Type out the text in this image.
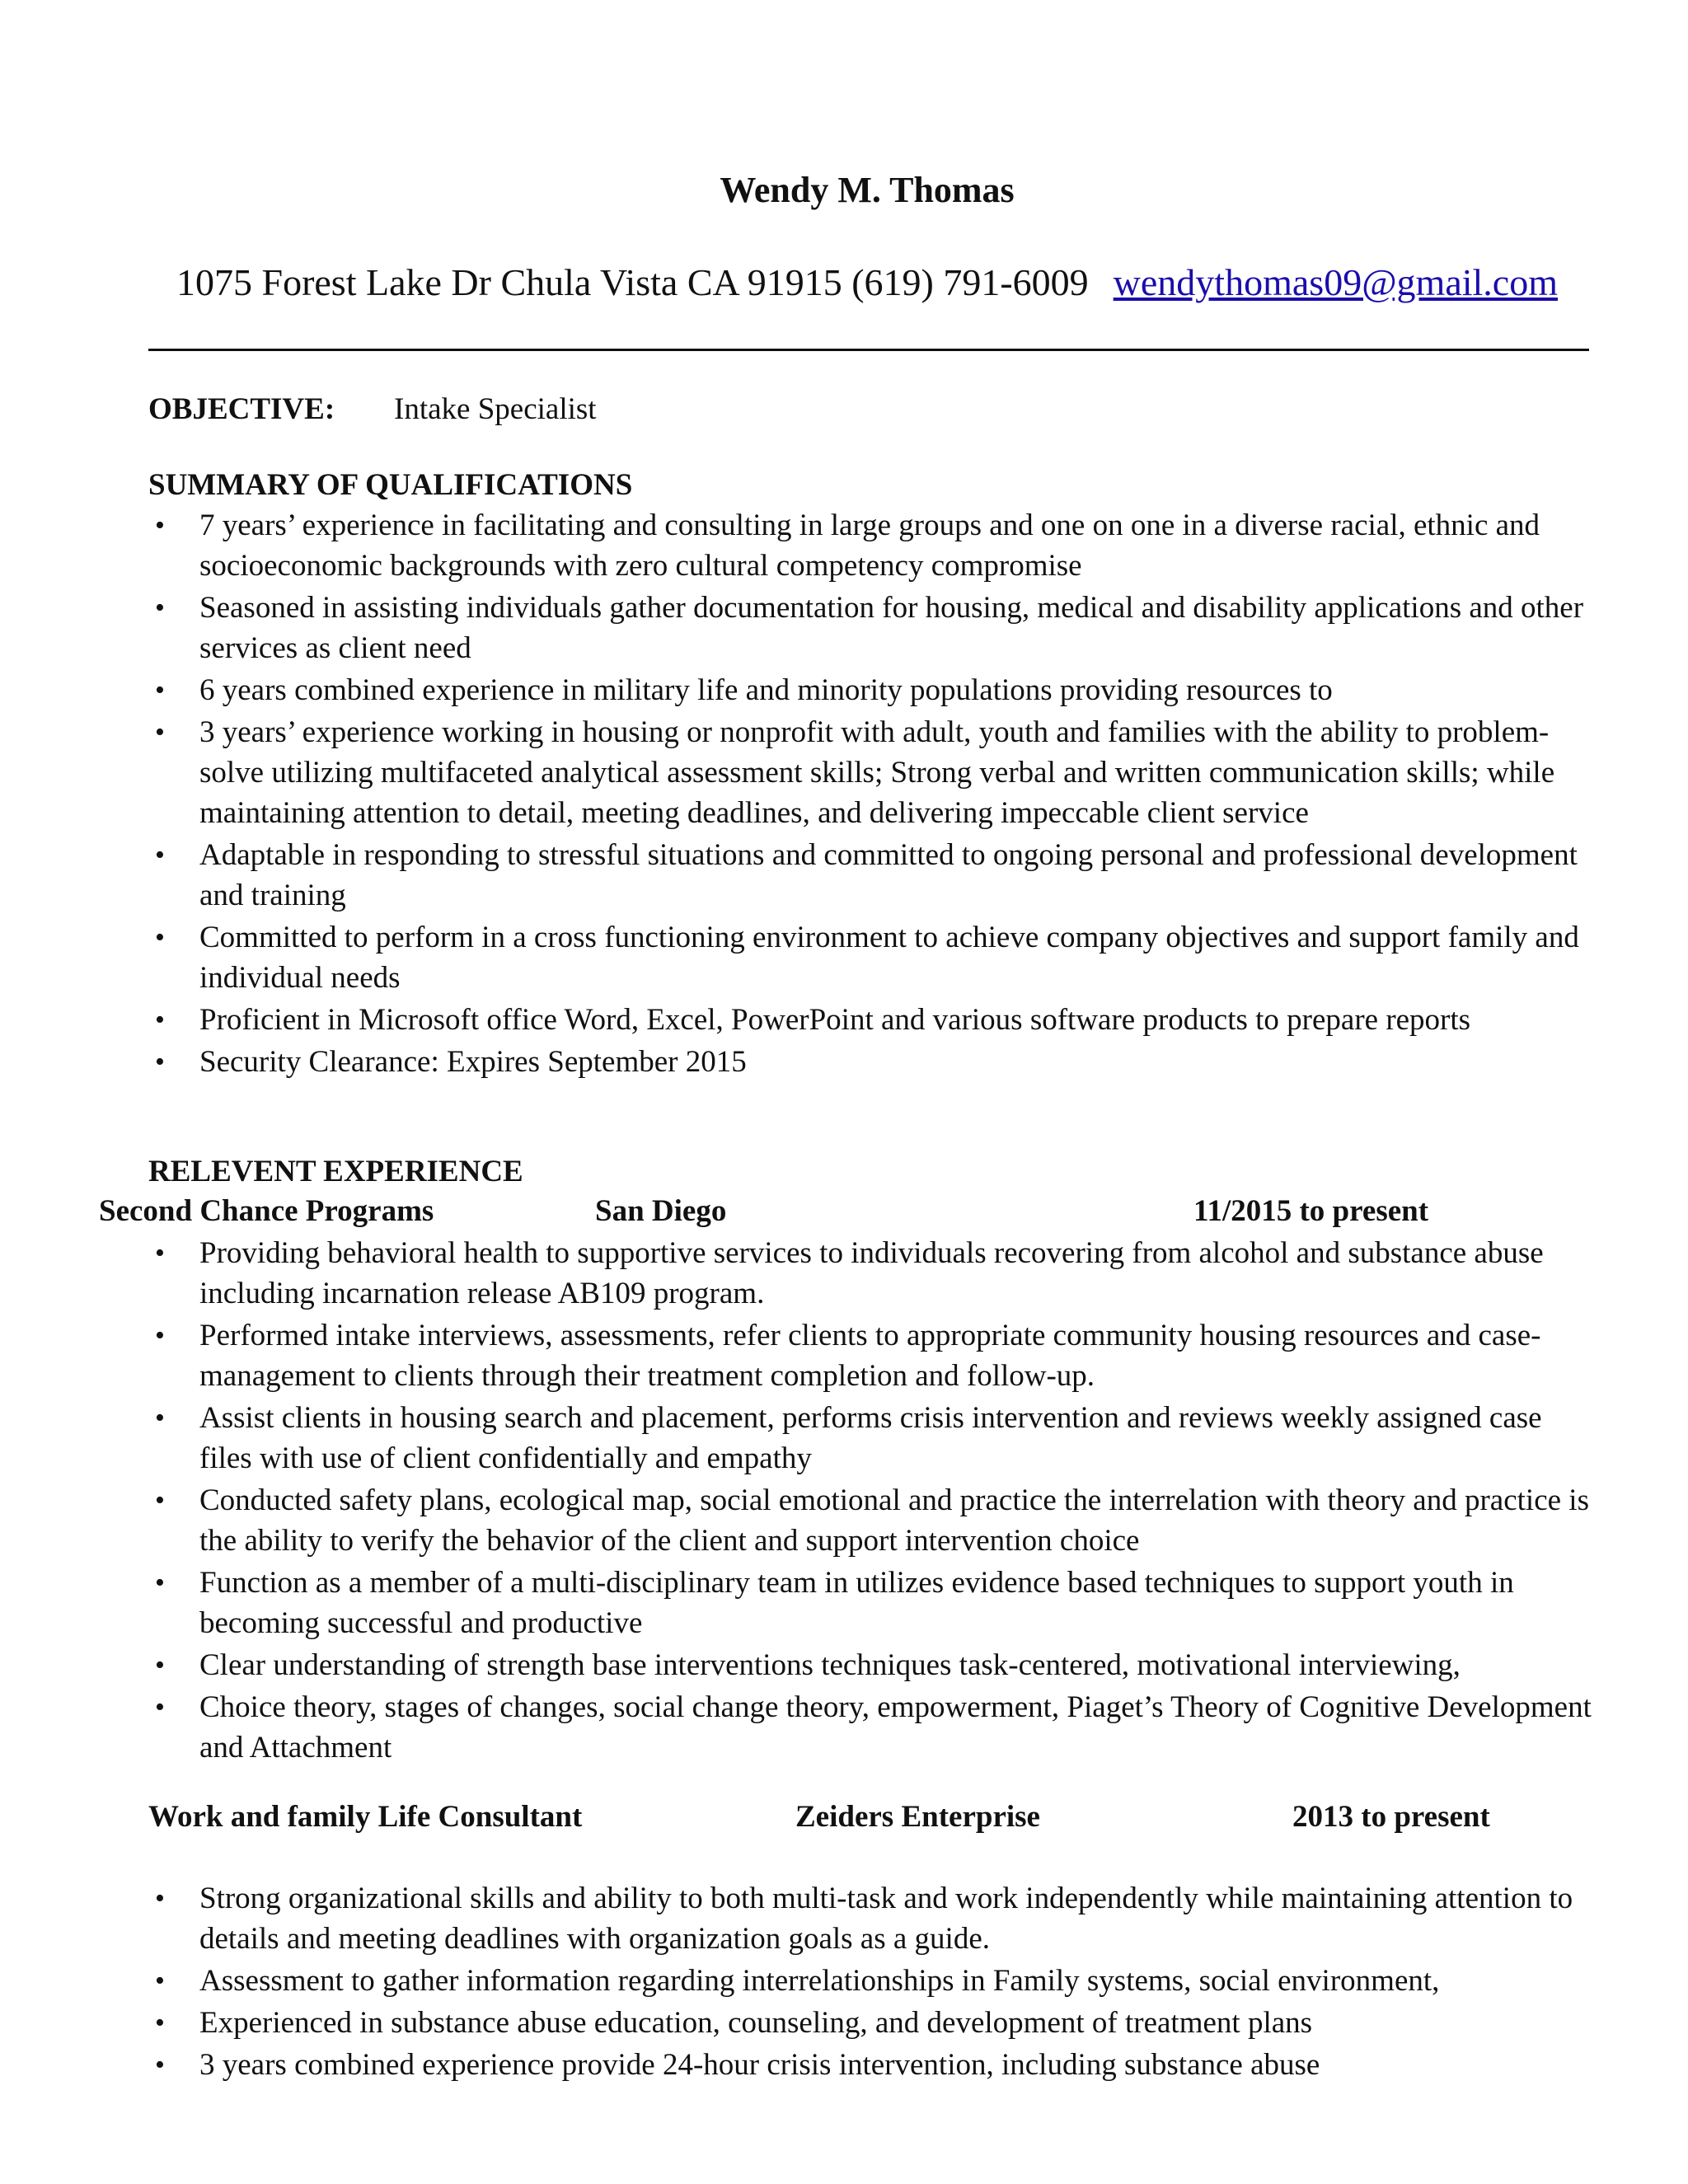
Wendy M. Thomas
1075 Forest Lake Dr Chula Vista CA 91915 (619) 791-6009 wendythomas09@gmail.com
OBJECTIVE: Intake Specialist
SUMMARY OF QUALIFICATIONS
• 7 years’ experience in facilitating and consulting in large groups and one on one in a diverse racial, ethnic and socioeconomic backgrounds with zero cultural competency compromise
• Seasoned in assisting individuals gather documentation for housing, medical and disability applications and other services as client need
• 6 years combined experience in military life and minority populations providing resources to
• 3 years’ experience working in housing or nonprofit with adult, youth and families with the ability to problem-solve utilizing multifaceted analytical assessment skills; Strong verbal and written communication skills; while maintaining attention to detail, meeting deadlines, and delivering impeccable client service
• Adaptable in responding to stressful situations and committed to ongoing personal and professional development and training
• Committed to perform in a cross functioning environment to achieve company objectives and support family and individual needs
• Proficient in Microsoft office Word, Excel, PowerPoint and various software products to prepare reports
• Security Clearance: Expires September 2015
RELEVENT EXPERIENCE
Second Chance Programs	San Diego	11/2015 to present
• Providing behavioral health to supportive services to individuals recovering from alcohol and substance abuse including incarnation release AB109 program.
• Performed intake interviews, assessments, refer clients to appropriate community housing resources and case-management to clients through their treatment completion and follow-up.
• Assist clients in housing search and placement, performs crisis intervention and reviews weekly assigned case files with use of client confidentially and empathy
• Conducted safety plans, ecological map, social emotional and practice the interrelation with theory and practice is the ability to verify the behavior of the client and support intervention choice
• Function as a member of a multi-disciplinary team in utilizes evidence based techniques to support youth in becoming successful and productive
• Clear understanding of strength base interventions techniques task-centered, motivational interviewing,
• Choice theory, stages of changes, social change theory, empowerment, Piaget’s Theory of Cognitive Development and Attachment
Work and family Life Consultant	Zeiders Enterprise	2013 to present
• Strong organizational skills and ability to both multi-task and work independently while maintaining attention to details and meeting deadlines with organization goals as a guide.
• Assessment to gather information regarding interrelationships in Family systems, social environment,
• Experienced in substance abuse education, counseling, and development of treatment plans
• 3 years combined experience provide 24-hour crisis intervention, including substance abuse
